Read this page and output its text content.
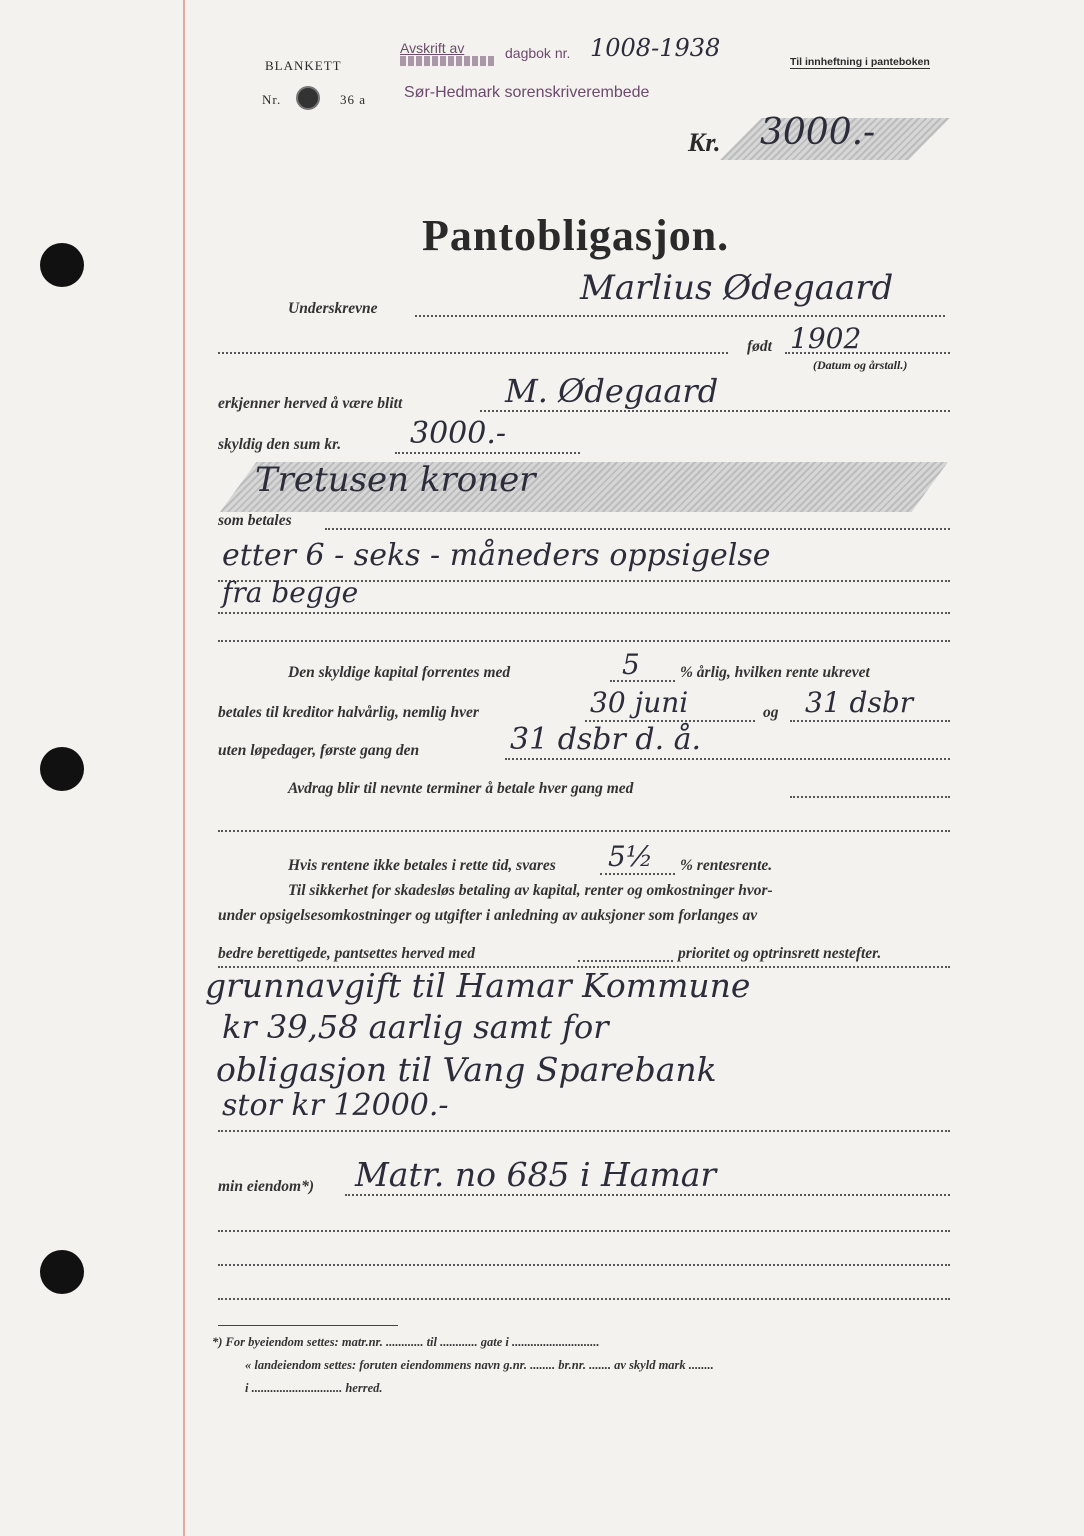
BLANKETT
Nr.	36 a
Avskrift av	dagbok nr. 1008-1938
Sør-Hedmark sorenskriverembede
Til innheftning i panteboken
Kr. 3000.-
Pantobligasjon.
Underskrevne
Marlius Ødegaard
født 1902
(Datum og årstall.)
erkjenner herved å være blitt	M. Ødegaard
skyldig den sum kr. 3000.-
Tretusen kroner
som betales
etter 6 - seks - måneders oppsigelse
fra begge
Den skyldige kapital forrentes med	5	% årlig, hvilken rente ukrevet
betales til kreditor halvårlig, nemlig hver	30 juni	og 31 dsbr
uten løpedager, første gang den	31 dsbr d. å.
Avdrag blir til nevnte terminer å betale hver gang med
Hvis rentene ikke betales i rette tid, svares 5½ % rentesrente.
Til sikkerhet for skadesløs betaling av kapital, renter og omkostninger hvor-
under opsigelsesomkostninger og utgifter i anledning av auksjoner som forlanges av
bedre berettigede, pantsettes herved med	prioritet og optrinsrett nestefter.
grunnavgift til Hamar Kommune
kr 39,58 aarlig samt for
obligasjon til Vang Sparebank
stor kr 12000.-
min eiendom*) Matr. no 685 i Hamar
*) For byeiendom settes: matr.nr. ............ til ............ gate i ............................
« landeiendom settes: foruten eiendommens navn g.nr. ........ br.nr. ....... av skyld mark ........
i ............................. herred.
